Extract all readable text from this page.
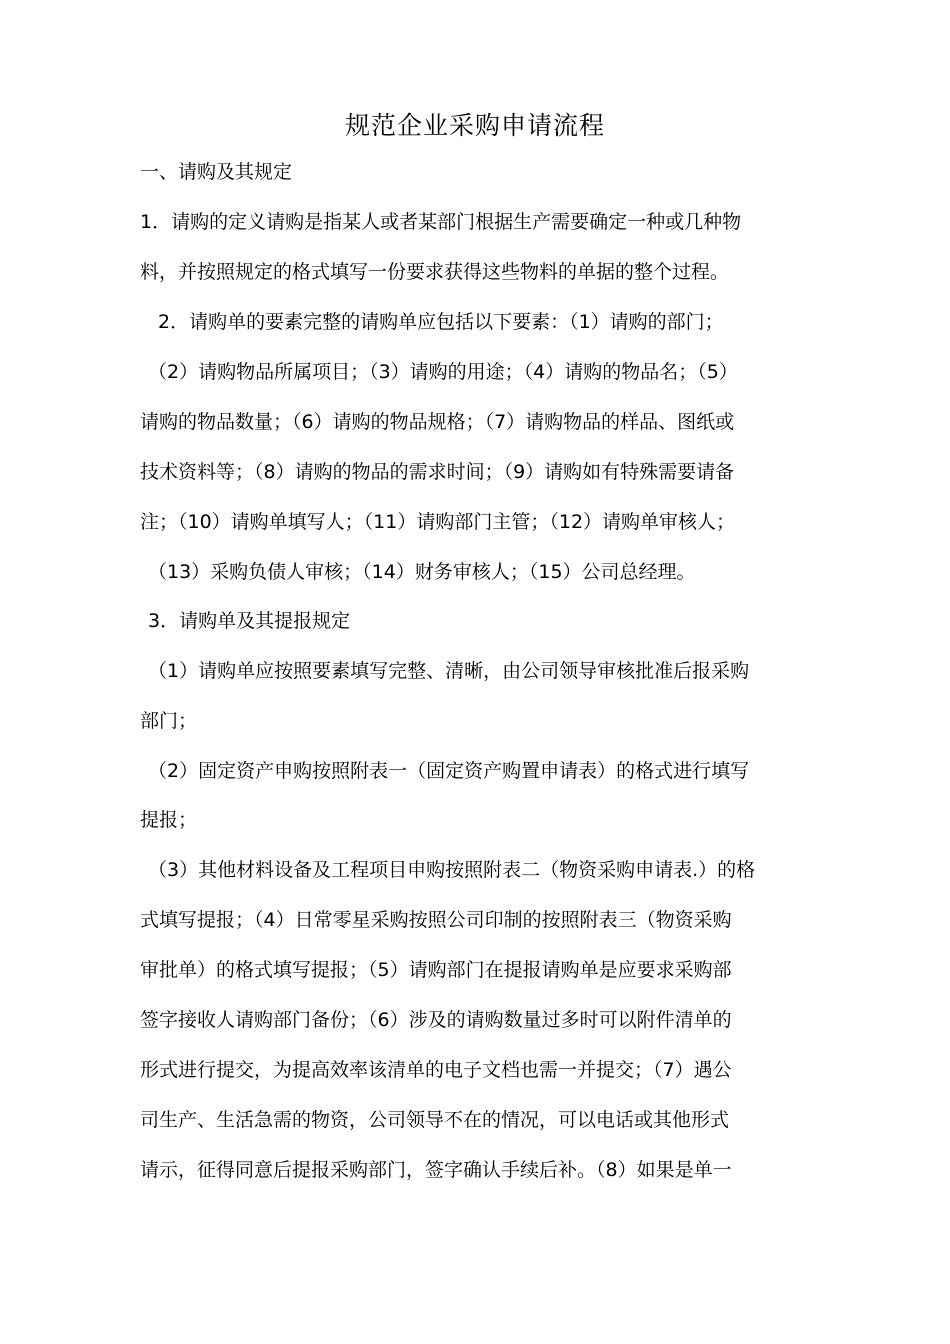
规范企业采购申请流程
一、请购及其规定
1．请购的定义请购是指某人或者某部门根据生产需要确定一种或几种物
料，并按照规定的格式填写一份要求获得这些物料的单据的整个过程。
2．请购单的要素完整的请购单应包括以下要素：（1）请购的部门；
（2）请购物品所属项目；（3）请购的用途；（4）请购的物品名；（5）
请购的物品数量；（6）请购的物品规格；（7）请购物品的样品、图纸或
技术资料等；（8）请购的物品的需求时间；（9）请购如有特殊需要请备
注；（10）请购单填写人；（11）请购部门主管；（12）请购单审核人；
（13）采购负债人审核；（14）财务审核人；（15）公司总经理。
3．请购单及其提报规定
（1）请购单应按照要素填写完整、清晰，由公司领导审核批准后报采购
部门；
（2）固定资产申购按照附表一（固定资产购置申请表）的格式进行填写
提报；
（3）其他材料设备及工程项目申购按照附表二（物资采购申请表.）的格
式填写提报；（4）日常零星采购按照公司印制的按照附表三（物资采购
审批单）的格式填写提报；（5）请购部门在提报请购单是应要求采购部
签字接收人请购部门备份；（6）涉及的请购数量过多时可以附件清单的
形式进行提交，为提高效率该清单的电子文档也需一并提交；（7）遇公
司生产、生活急需的物资，公司领导不在的情况，可以电话或其他形式
请示，征得同意后提报采购部门，签字确认手续后补。（8）如果是单一
